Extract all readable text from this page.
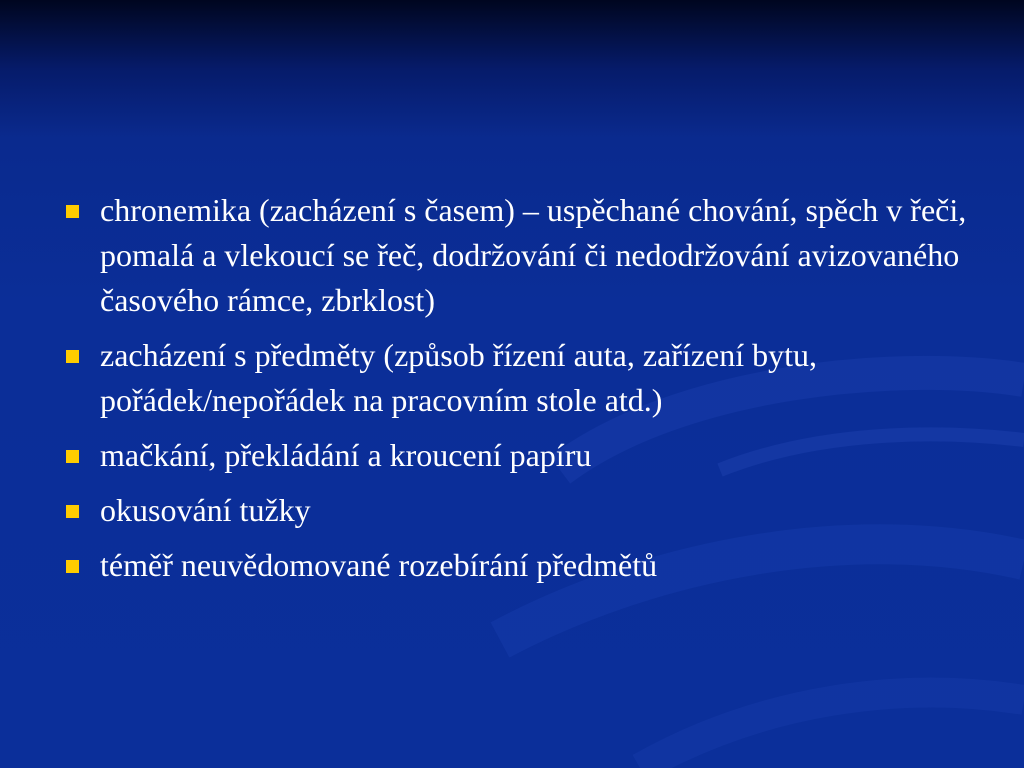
chronemika (zacházení s časem) – uspěchané chování, spěch v řeči, pomalá a vlekoucí se řeč, dodržování či nedodržování avizovaného časového rámce, zbrklost)
zacházení s předměty (způsob řízení auta, zařízení bytu, pořádek/nepořádek na pracovním stole atd.)
mačkání, překládání a kroucení papíru
okusování tužky
téměř neuvědomované rozebírání předmětů
